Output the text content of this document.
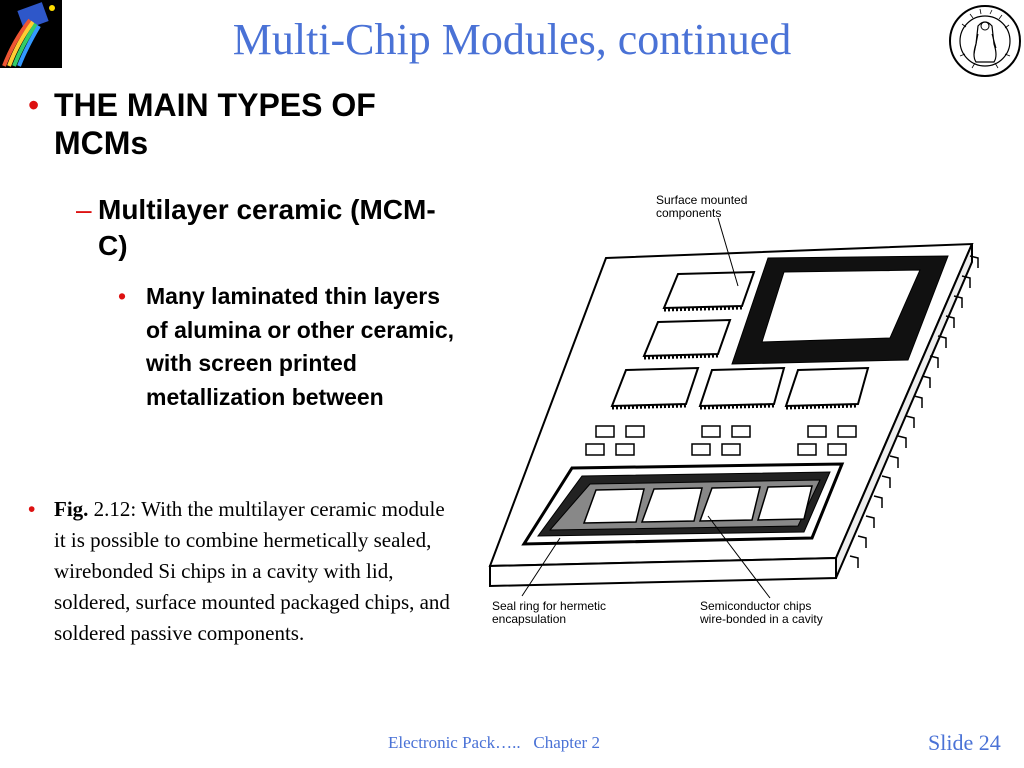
Multi-Chip Modules, continued
• THE MAIN TYPES OF MCMs
– Multilayer ceramic (MCM-C)
• Many laminated thin layers of alumina or other ceramic, with screen printed metallization between
• Fig. 2.12: With the multilayer ceramic module it is possible to combine hermetically sealed, wirebonded Si chips in a cavity with lid, soldered, surface mounted packaged chips, and soldered passive components.
Surface mounted
components
Seal ring for hermetic
encapsulation
Semiconductor chips
wire-bonded in a cavity
Electronic Pack…..   Chapter 2	Slide 24
